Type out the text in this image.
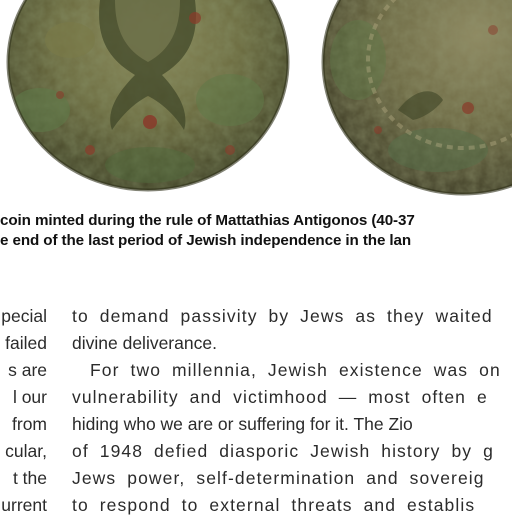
coin minted during the rule of Mattathias Antigonos (40-37
e end of the last period of Jewish independence in the lan
pecial
failed
s are
l our
from
cular,
t the
urrent
to demand passivity by Jews as they waited
divine deliverance.
For two millennia, Jewish existence was on
vulnerability and victimhood — most often e
hiding who we are or suffering for it. The Zio
of 1948 defied diasporic Jewish history by g
Jews power, self-determination and sovereig
to respond to external threats and establis
